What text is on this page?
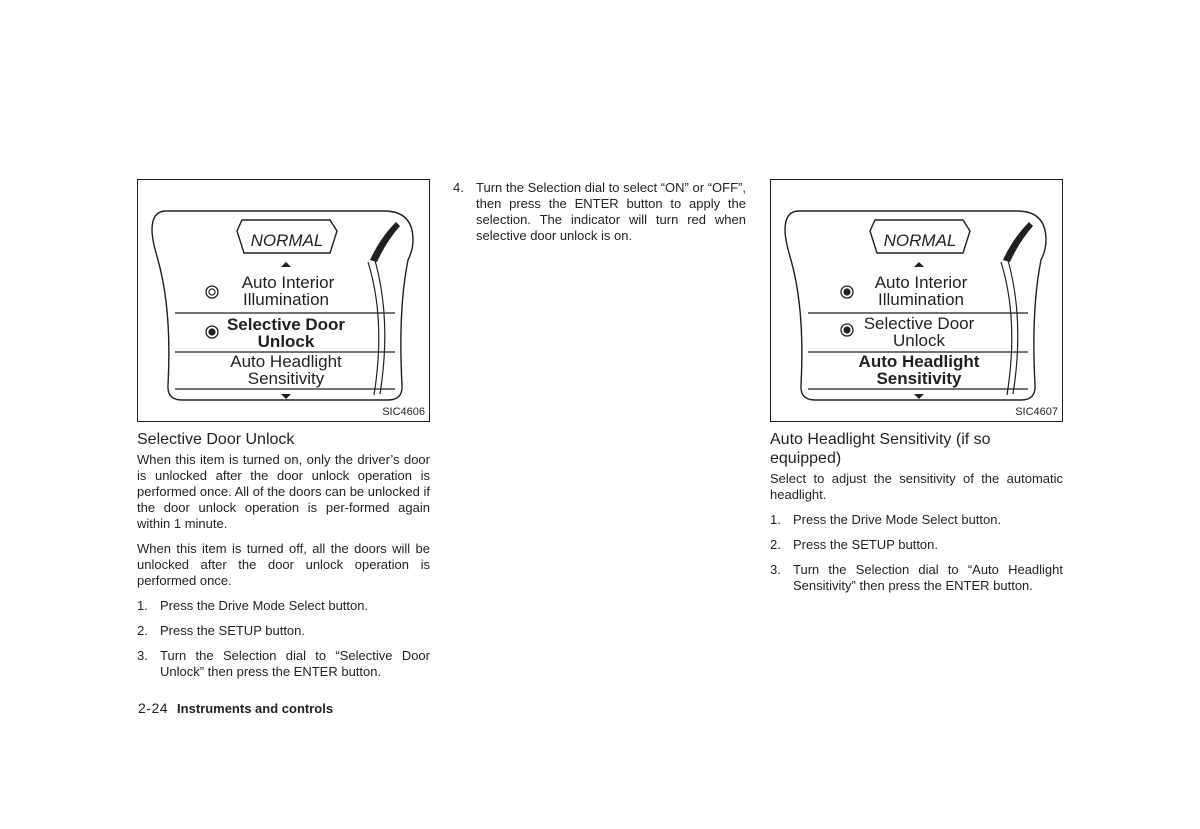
NORMAL
Auto Interior
Illumination
Selective Door
Unlock
Auto Headlight
Sensitivity
SIC4606
Selective Door Unlock

When this item is turned on, only the driver’s door is unlocked after the door unlock operation is performed once. All of the doors can be unlocked if the door unlock operation is per-formed again within 1 minute.

When this item is turned off, all the doors will be unlocked after the door unlock operation is performed once.

1. Press the Drive Mode Select button.
2. Press the SETUP button.
3. Turn the Selection dial to “Selective Door Unlock” then press the ENTER button.
4. Turn the Selection dial to select “ON” or “OFF”, then press the ENTER button to apply the selection. The indicator will turn red when selective door unlock is on.	NORMAL
Auto Interior
Illumination
Selective Door
Unlock
Auto Headlight
Sensitivity
SIC4607
Auto Headlight Sensitivity (if so equipped)

Select to adjust the sensitivity of the automatic headlight.

1. Press the Drive Mode Select button.
2. Press the SETUP button.
3. Turn the Selection dial to “Auto Headlight Sensitivity” then press the ENTER button.
2-24 Instruments and controls
